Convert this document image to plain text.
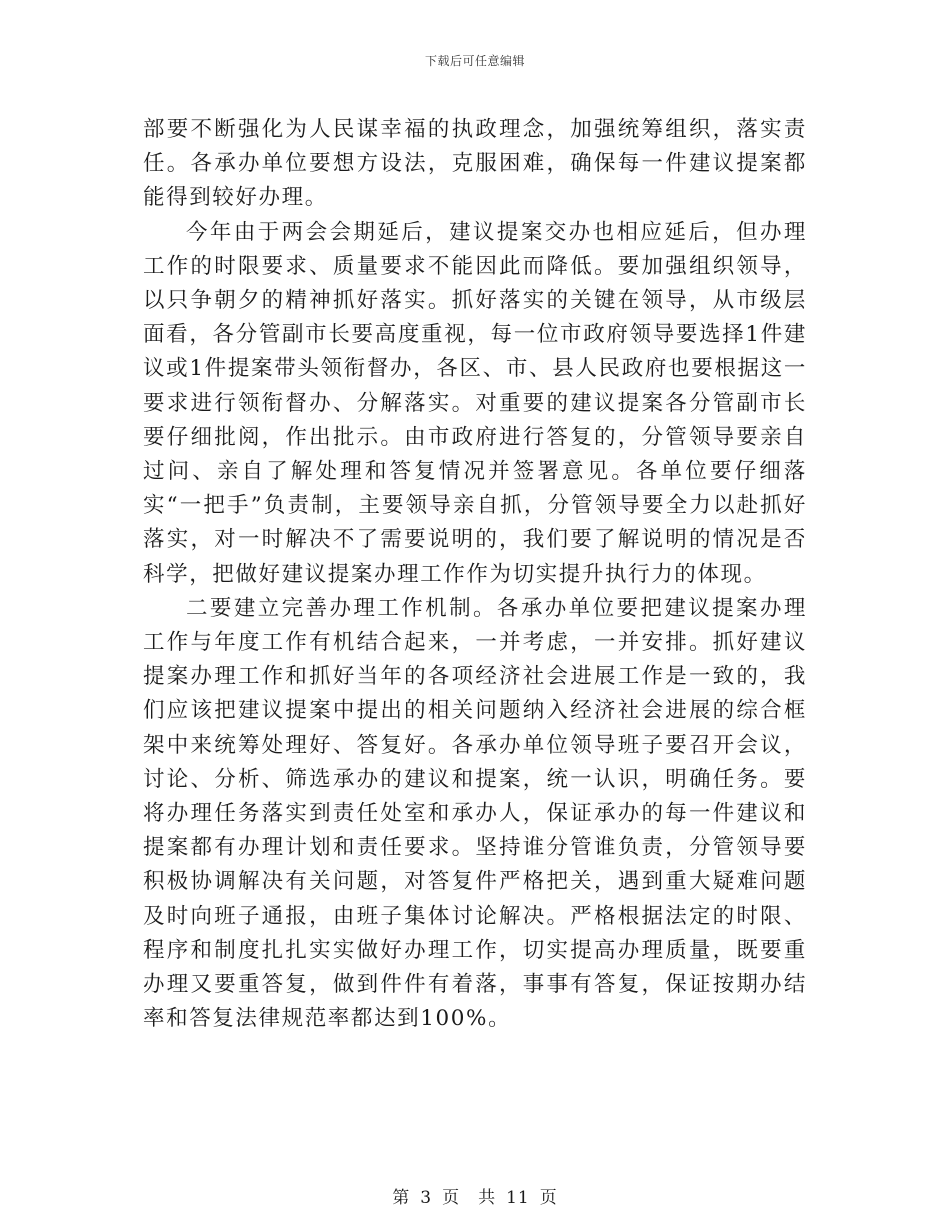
下载后可任意编辑

部要不断强化为人民谋幸福的执政理念，加强统筹组织，落实责任。各承办单位要想方设法，克服困难，确保每一件建议提案都能得到较好办理。

今年由于两会会期延后，建议提案交办也相应延后，但办理工作的时限要求、质量要求不能因此而降低。要加强组织领导，以只争朝夕的精神抓好落实。抓好落实的关键在领导，从市级层面看，各分管副市长要高度重视，每一位市政府领导要选择1件建议或1件提案带头领衔督办，各区、市、县人民政府也要根据这一要求进行领衔督办、分解落实。对重要的建议提案各分管副市长要仔细批阅，作出批示。由市政府进行答复的，分管领导要亲自过问、亲自了解处理和答复情况并签署意见。各单位要仔细落实“一把手”负责制，主要领导亲自抓，分管领导要全力以赴抓好落实，对一时解决不了需要说明的，我们要了解说明的情况是否科学，把做好建议提案办理工作作为切实提升执行力的体现。

二要建立完善办理工作机制。各承办单位要把建议提案办理工作与年度工作有机结合起来，一并考虑，一并安排。抓好建议提案办理工作和抓好当年的各项经济社会进展工作是一致的，我们应该把建议提案中提出的相关问题纳入经济社会进展的综合框架中来统筹处理好、答复好。各承办单位领导班子要召开会议，讨论、分析、筛选承办的建议和提案，统一认识，明确任务。要将办理任务落实到责任处室和承办人，保证承办的每一件建议和提案都有办理计划和责任要求。坚持谁分管谁负责，分管领导要积极协调解决有关问题，对答复件严格把关，遇到重大疑难问题及时向班子通报，由班子集体讨论解决。严格根据法定的时限、程序和制度扎扎实实做好办理工作，切实提高办理质量，既要重办理又要重答复，做到件件有着落，事事有答复，保证按期办结率和答复法律规范率都达到100%。

第 3 页　共 11 页
